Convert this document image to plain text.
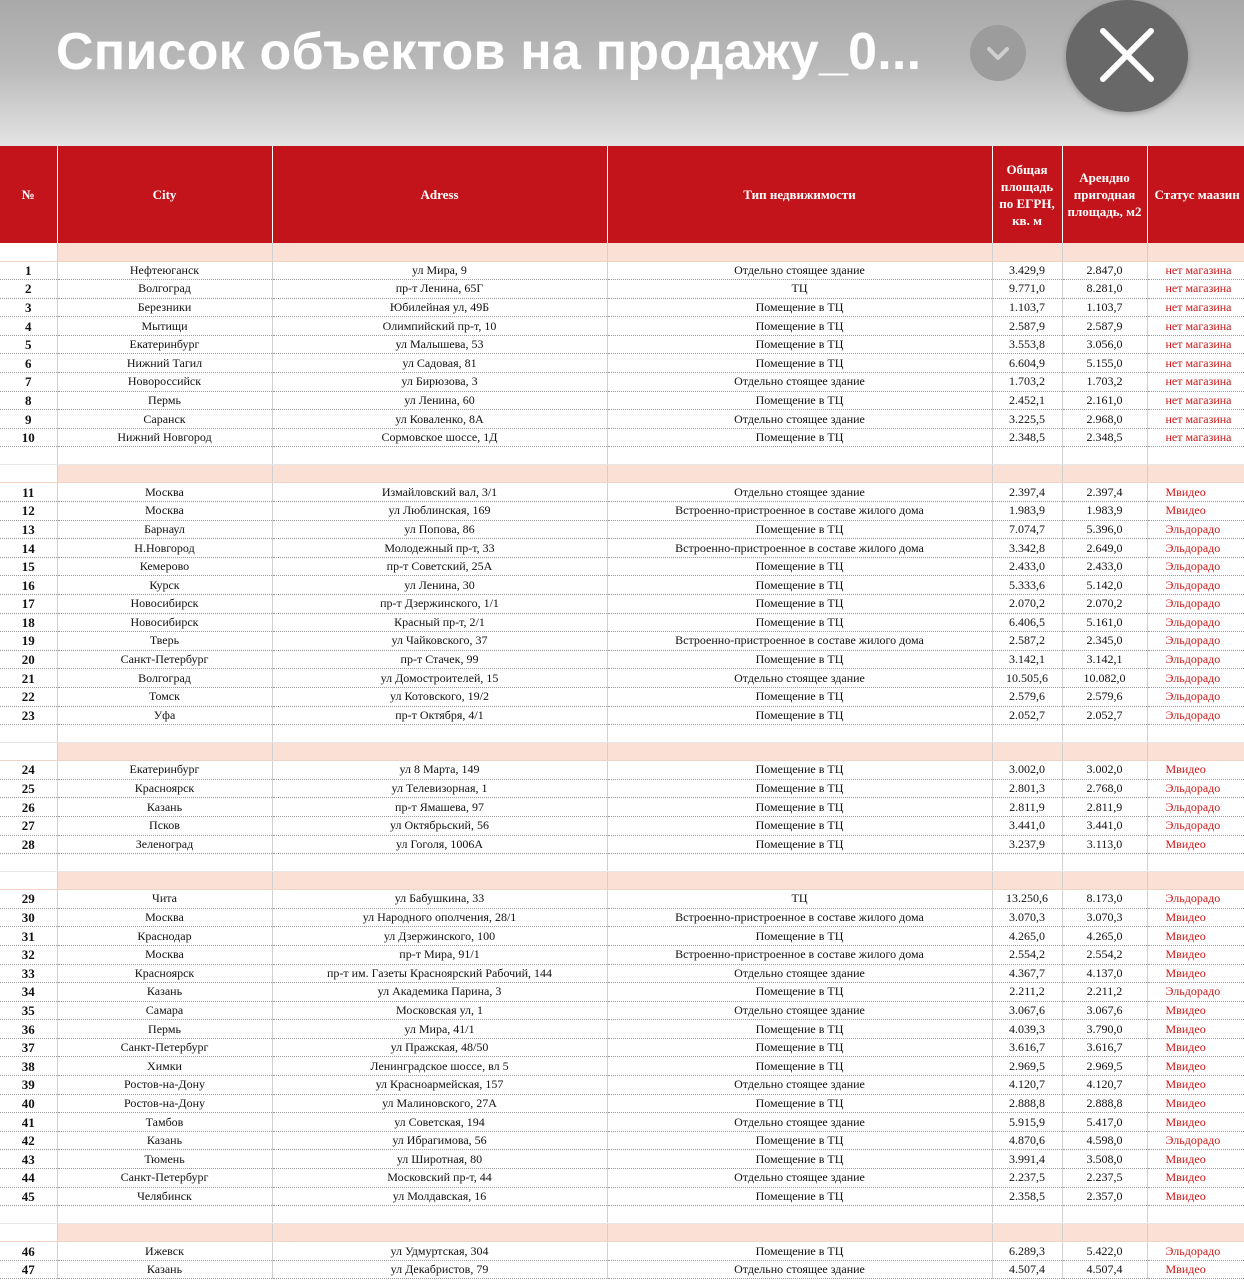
Список объектов на продажу_0...
№	City	Adress	Тип недвижимости	Общая площадь по ЕГРН, кв. м	Арендно пригодная площадь, м2	Статус маазин

1	Нефтеюганск	ул Мира, 9	Отдельно стоящее здание	3.429,9	2.847,0	нет магазина
2	Волгоград	пр-т Ленина, 65Г	ТЦ	9.771,0	8.281,0	нет магазина
3	Березники	Юбилейная ул, 49Б	Помещение в ТЦ	1.103,7	1.103,7	нет магазина
4	Мытищи	Олимпийский пр-т, 10	Помещение в ТЦ	2.587,9	2.587,9	нет магазина
5	Екатеринбург	ул Малышева, 53	Помещение в ТЦ	3.553,8	3.056,0	нет магазина
6	Нижний Тагил	ул Садовая, 81	Помещение в ТЦ	6.604,9	5.155,0	нет магазина
7	Новороссийск	ул Бирюзова, 3	Отдельно стоящее здание	1.703,2	1.703,2	нет магазина
8	Пермь	ул Ленина, 60	Помещение в ТЦ	2.452,1	2.161,0	нет магазина
9	Саранск	ул Коваленко, 8А	Отдельно стоящее здание	3.225,5	2.968,0	нет магазина
10	Нижний Новгород	Сормовское шоссе, 1Д	Помещение в ТЦ	2.348,5	2.348,5	нет магазина

11	Москва	Измайловский вал, 3/1	Отдельно стоящее здание	2.397,4	2.397,4	Мвидео
12	Москва	ул Люблинская, 169	Встроенно-пристроенное в составе жилого дома	1.983,9	1.983,9	Мвидео
13	Барнаул	ул Попова, 86	Помещение в ТЦ	7.074,7	5.396,0	Эльдорадо
14	Н.Новгород	Молодежный пр-т, 33	Встроенно-пристроенное в составе жилого дома	3.342,8	2.649,0	Эльдорадо
15	Кемерово	пр-т Советский, 25А	Помещение в ТЦ	2.433,0	2.433,0	Эльдорадо
16	Курск	ул Ленина, 30	Помещение в ТЦ	5.333,6	5.142,0	Эльдорадо
17	Новосибирск	пр-т Дзержинского, 1/1	Помещение в ТЦ	2.070,2	2.070,2	Эльдорадо
18	Новосибирск	Красный пр-т, 2/1	Помещение в ТЦ	6.406,5	5.161,0	Эльдорадо
19	Тверь	ул Чайковского, 37	Встроенно-пристроенное в составе жилого дома	2.587,2	2.345,0	Эльдорадо
20	Санкт-Петербург	пр-т Стачек, 99	Помещение в ТЦ	3.142,1	3.142,1	Эльдорадо
21	Волгоград	ул Домостроителей, 15	Отдельно стоящее здание	10.505,6	10.082,0	Эльдорадо
22	Томск	ул Котовского, 19/2	Помещение в ТЦ	2.579,6	2.579,6	Эльдорадо
23	Уфа	пр-т Октября, 4/1	Помещение в ТЦ	2.052,7	2.052,7	Эльдорадо

24	Екатеринбург	ул 8 Марта, 149	Помещение в ТЦ	3.002,0	3.002,0	Мвидео
25	Красноярск	ул Телевизорная, 1	Помещение в ТЦ	2.801,3	2.768,0	Эльдорадо
26	Казань	пр-т Ямашева, 97	Помещение в ТЦ	2.811,9	2.811,9	Эльдорадо
27	Псков	ул Октябрьский, 56	Помещение в ТЦ	3.441,0	3.441,0	Эльдорадо
28	Зеленоград	ул Гоголя, 1006А	Помещение в ТЦ	3.237,9	3.113,0	Мвидео

29	Чита	ул Бабушкина, 33	ТЦ	13.250,6	8.173,0	Эльдорадо
30	Москва	ул Народного ополчения, 28/1	Встроенно-пристроенное в составе жилого дома	3.070,3	3.070,3	Мвидео
31	Краснодар	ул Дзержинского, 100	Помещение в ТЦ	4.265,0	4.265,0	Мвидео
32	Москва	пр-т Мира, 91/1	Встроенно-пристроенное в составе жилого дома	2.554,2	2.554,2	Мвидео
33	Красноярск	пр-т им. Газеты Красноярский Рабочий, 144	Отдельно стоящее здание	4.367,7	4.137,0	Мвидео
34	Казань	ул Академика Парина, 3	Помещение в ТЦ	2.211,2	2.211,2	Эльдорадо
35	Самара	Московская ул, 1	Отдельно стоящее здание	3.067,6	3.067,6	Мвидео
36	Пермь	ул Мира, 41/1	Помещение в ТЦ	4.039,3	3.790,0	Мвидео
37	Санкт-Петербург	ул Пражская, 48/50	Помещение в ТЦ	3.616,7	3.616,7	Мвидео
38	Химки	Ленинградское шоссе, вл 5	Помещение в ТЦ	2.969,5	2.969,5	Мвидео
39	Ростов-на-Дону	ул Красноармейская, 157	Отдельно стоящее здание	4.120,7	4.120,7	Мвидео
40	Ростов-на-Дону	ул Малиновского, 27А	Помещение в ТЦ	2.888,8	2.888,8	Мвидео
41	Тамбов	ул Советская, 194	Отдельно стоящее здание	5.915,9	5.417,0	Мвидео
42	Казань	ул Ибрагимова, 56	Помещение в ТЦ	4.870,6	4.598,0	Эльдорадо
43	Тюмень	ул Широтная, 80	Помещение в ТЦ	3.991,4	3.508,0	Мвидео
44	Санкт-Петербург	Московский пр-т, 44	Отдельно стоящее здание	2.237,5	2.237,5	Мвидео
45	Челябинск	ул Молдавская, 16	Помещение в ТЦ	2.358,5	2.357,0	Мвидео

46	Ижевск	ул Удмуртская, 304	Помещение в ТЦ	6.289,3	5.422,0	Эльдорадо
47	Казань	ул Декабристов, 79	Отдельно стоящее здание	4.507,4	4.507,4	Мвидео
